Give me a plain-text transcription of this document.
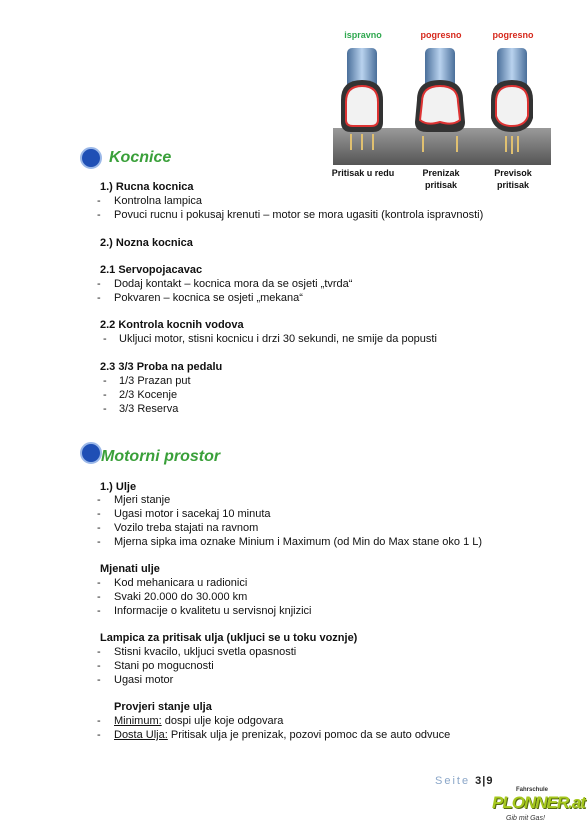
ispravno	pogresno	pogresno
Pritisak u redu	Prenizak pritisak
Previsok pritisak
Kocnice
1.) Rucna kocnica
- Kontrolna lampica
- Povuci rucnu i pokusaj krenuti – motor se mora ugasiti (kontrola ispravnosti)
2.) Nozna kocnica
2.1 Servopojacavac
- Dodaj kontakt – kocnica mora da se osjeti „tvrda“
- Pokvaren – kocnica se osjeti „mekana“
2.2 Kontrola kocnih vodova
- Ukljuci motor, stisni kocnicu i drzi 30 sekundi, ne smije da popusti
2.3 3/3 Proba na pedalu
- 1/3 Prazan put
- 2/3 Kocenje
- 3/3 Reserva
Motorni prostor
1.) Ulje
- Mjeri stanje
- Ugasi motor i sacekaj 10 minuta
- Vozilo treba stajati na ravnom
- Mjerna sipka ima oznake Minium i Maximum (od Min do Max stane oko 1 L)
Mjenati ulje
- Kod mehanicara u radionici
- Svaki 20.000 do 30.000 km
- Informacije o kvalitetu u servisnoj knjizici
Lampica za pritisak ulja (ukljuci se u toku voznje)
- Stisni kvacilo, ukljuci svetla opasnosti
- Stani po mogucnosti
- Ugasi motor
Provjeri stanje ulja
- Minimum: dospi ulje koje odgovara
- Dosta Ulja: Pritisak ulja je prenizak, pozovi pomoc da se auto odvuce
Seite 3|9
Fahrschule
PLONNER.at
Gib mit Gas!
